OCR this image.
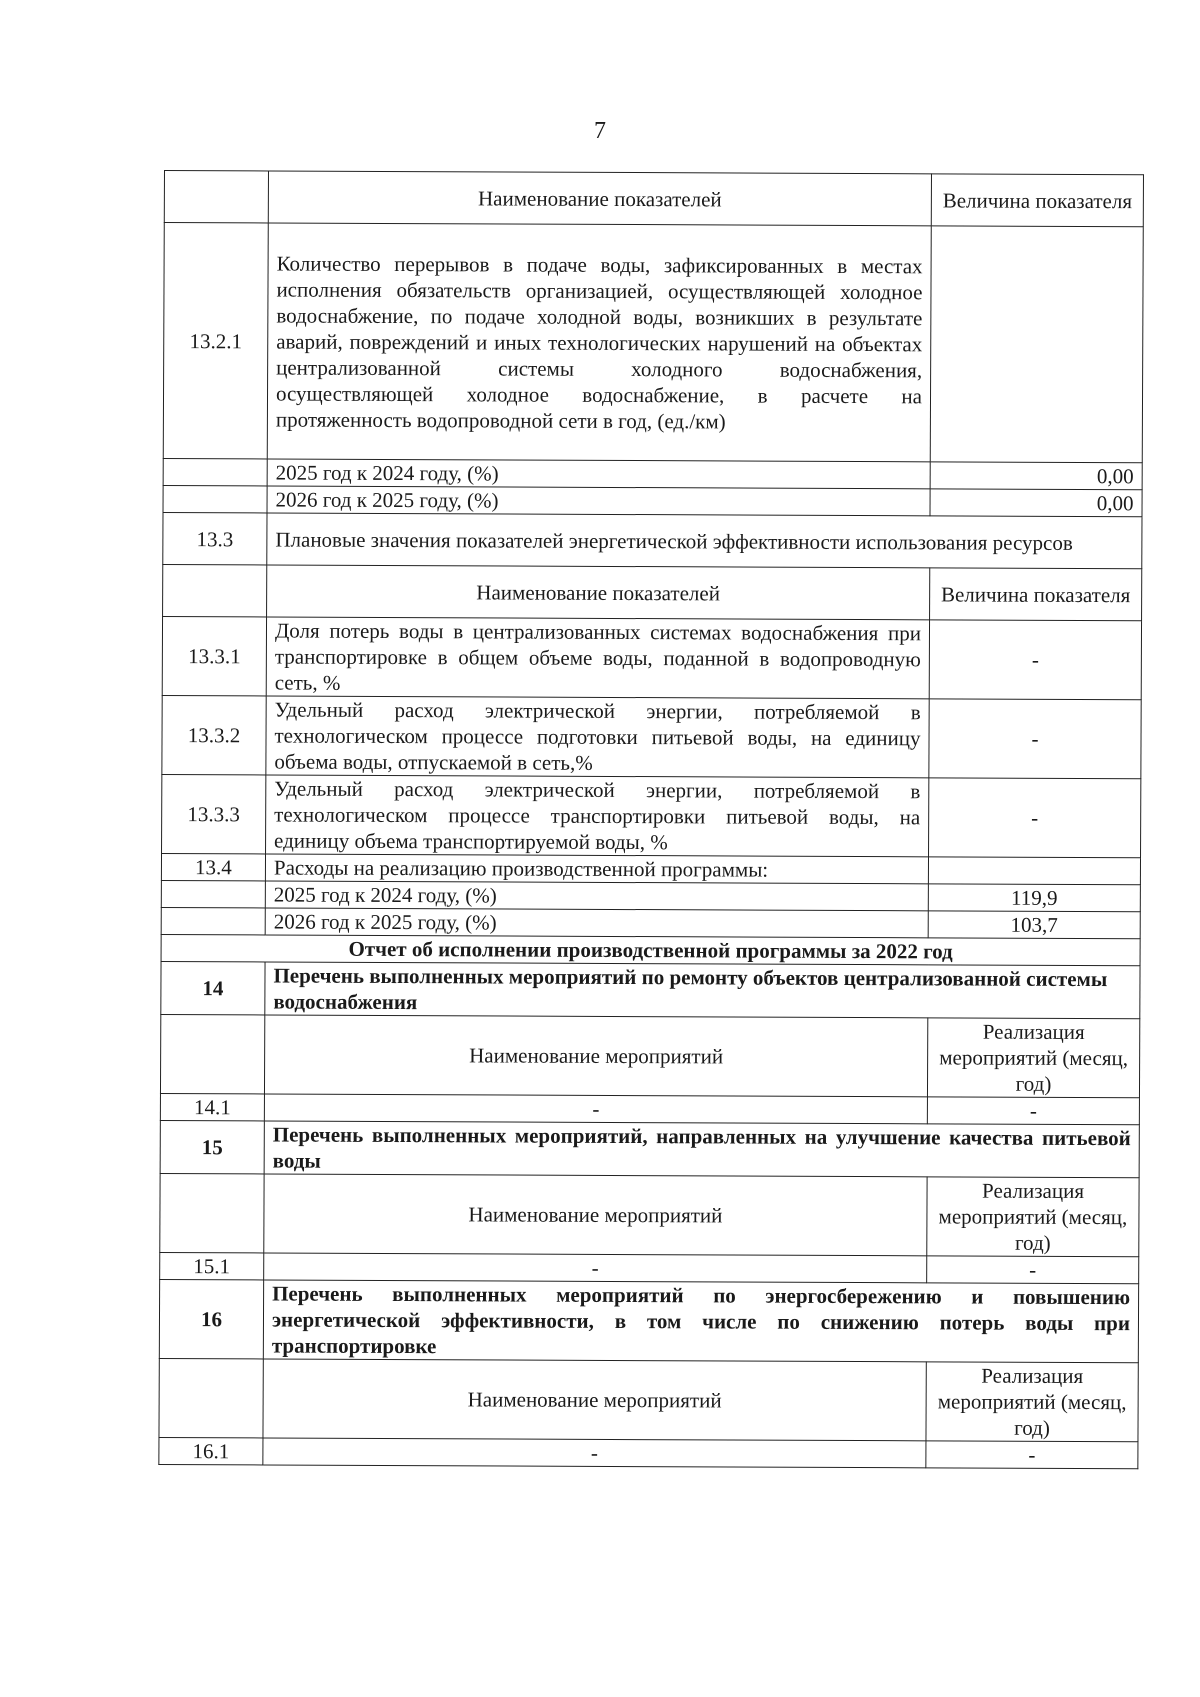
7
	Наименование показателей	Величина показателя
13.2.1	Количество перерывов в подаче воды, зафиксированных в местах исполнения обязательств организацией, осуществляющей холодное водоснабжение, по подаче холодной воды, возникших в результате аварий, повреждений и иных технологических нарушений на объектах централизованной системы холодного водоснабжения, осуществляющей холодное водоснабжение, в расчете на протяженность водопроводной сети в год, (ед./км)	
	2025 год к 2024 году, (%)	0,00
	2026 год к 2025 году, (%)	0,00
13.3	Плановые значения показателей энергетической эффективности использования ресурсов	
	Наименование показателей	Величина показателя
13.3.1	Доля потерь воды в централизованных системах водоснабжения при транспортировке в общем объеме воды, поданной в водопроводную сеть, %	-
13.3.2	Удельный расход электрической энергии, потребляемой в технологическом процессе подготовки питьевой воды, на единицу объема воды, отпускаемой в сеть,%	-
13.3.3	Удельный расход электрической энергии, потребляемой в технологическом процессе транспортировки питьевой воды, на единицу объема транспортируемой воды, %	-
13.4	Расходы на реализацию производственной программы:	
	2025 год к 2024 году, (%)	119,9
	2026 год к 2025 году, (%)	103,7
Отчет об исполнении производственной программы за 2022 год		
14	Перечень выполненных мероприятий по ремонту объектов централизованной системы водоснабжения	
	Наименование мероприятий	Реализация мероприятий (месяц, год)
14.1	-	-
15	Перечень выполненных мероприятий, направленных на улучшение качества питьевой воды	
	Наименование мероприятий	Реализация мероприятий (месяц, год)
15.1	-	-
16	Перечень выполненных мероприятий по энергосбережению и повышению энергетической эффективности, в том числе по снижению потерь воды при транспортировке	
	Наименование мероприятий	Реализация мероприятий (месяц, год)
16.1	-	-
